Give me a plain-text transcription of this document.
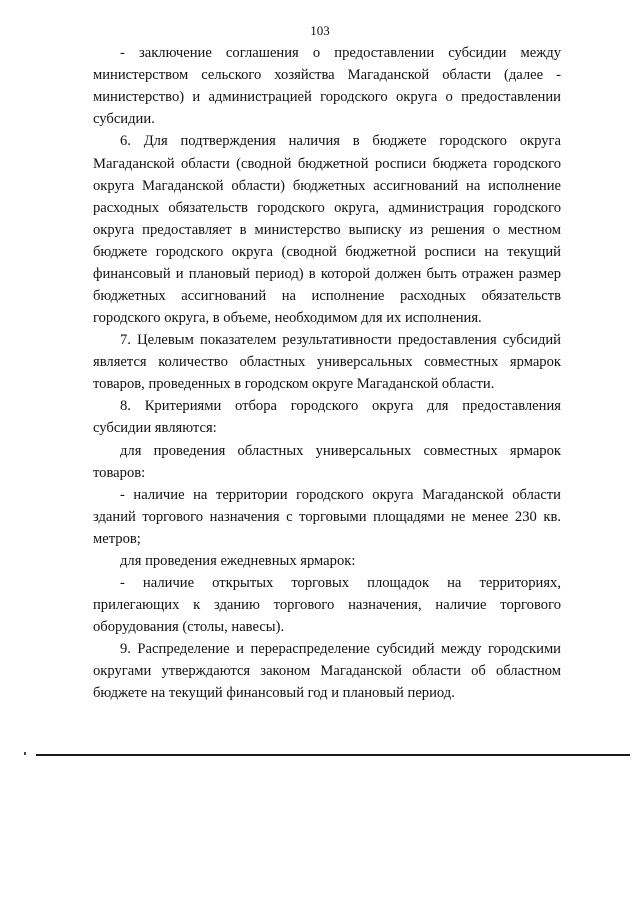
103
- заключение соглашения о предоставлении субсидии между
министерством сельского хозяйства Магаданской области (далее -
министерство) и администрацией городского округа о предоставлении
субсидии.
6. Для подтверждения наличия в бюджете городского округа
Магаданской области (сводной бюджетной росписи бюджета городского
округа Магаданской области) бюджетных ассигнований на исполнение
расходных обязательств городского округа, администрация городского
округа предоставляет в министерство выписку из решения о местном
бюджете городского округа (сводной бюджетной росписи на текущий
финансовый и плановый период) в которой должен быть отражен размер
бюджетных ассигнований на исполнение расходных обязательств
городского округа, в объеме, необходимом для их исполнения.
7. Целевым показателем результативности предоставления субсидий
является количество областных универсальных совместных ярмарок
товаров, проведенных в городском округе Магаданской области.
8. Критериями отбора городского округа для предоставления
субсидии являются:
для проведения областных универсальных совместных ярмарок
товаров:
- наличие на территории городского округа Магаданской области
зданий торгового назначения с торговыми площадями не менее 230 кв.
метров;
для проведения ежедневных ярмарок:
- наличие открытых торговых площадок на территориях,
прилегающих к зданию торгового назначения, наличие торгового
оборудования (столы, навесы).
9. Распределение и перераспределение субсидий между городскими
округами утверждаются законом Магаданской области об областном
бюджете на текущий финансовый год и плановый период.
